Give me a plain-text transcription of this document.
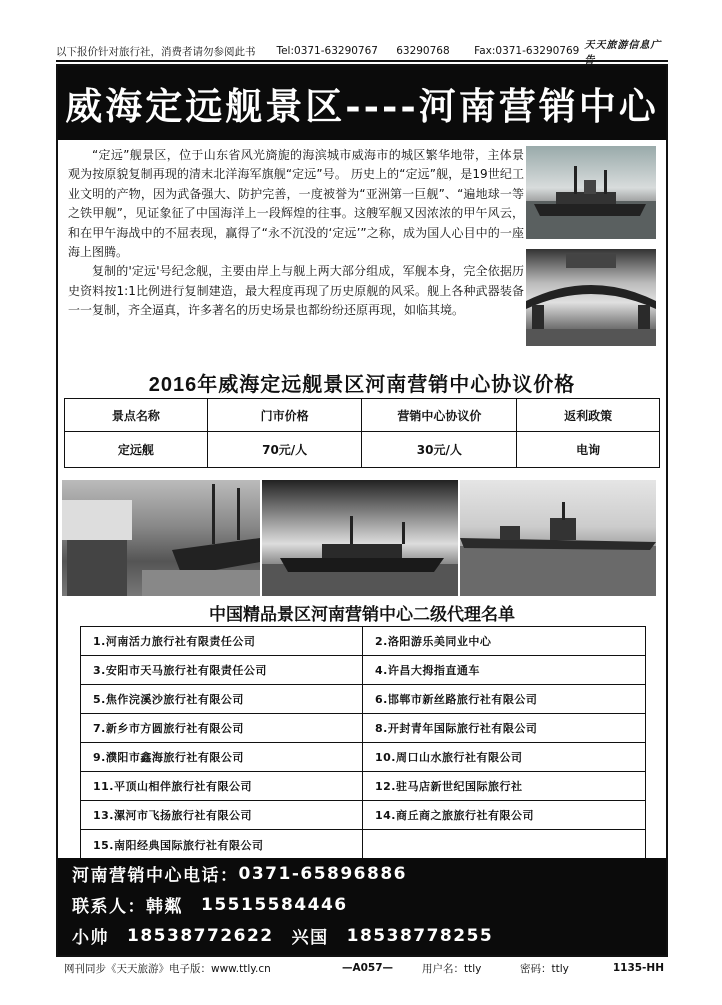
以下报价针对旅行社，消费者请勿参阅此书	Tel:0371-63290767	63290768	Fax:0371-63290769 天天旅游信息广告
威海定远舰景区----河南营销中心

“定远”舰景区，位于山东省风光旖旎的海滨城市威海市的城区繁华地带，主体景观为按原貌复制再现的清末北洋海军旗舰“定远”号。 历史上的“定远”舰，是19世纪工业文明的产物，因为武备强大、防护完善，一度被誉为“亚洲第一巨舰”、“遍地球一等之铁甲舰”，见证象征了中国海洋上一段辉煌的往事。这艘军舰又因浓浓的甲午风云，和在甲午海战中的不屈表现，赢得了“永不沉没的‘定远’”之称，成为国人心目中的一座海上图腾。

复制的'定远'号纪念舰，主要由岸上与舰上两大部分组成，军舰本身，完全依据历史资料按1:1比例进行复制建造，最大程度再现了历史原舰的风采。舰上各种武器装备一一复制，齐全逼真，许多著名的历史场景也都纷纷还原再现，如临其境。

2016年威海定远舰景区河南营销中心协议价格
景点名称	门市价格	营销中心协议价	返利政策
定远舰	70元/人	30元/人	电询
中国精品景区河南营销中心二级代理名单
1.河南活力旅行社有限责任公司	2.洛阳游乐美同业中心
3.安阳市天马旅行社有限责任公司	4.许昌大拇指直通车
5.焦作浣溪沙旅行社有限公司	6.邯郸市新丝路旅行社有限公司
7.新乡市方圆旅行社有限公司	8.开封青年国际旅行社有限公司
9.濮阳市鑫海旅行社有限公司	10.周口山水旅行社有限公司
11.平顶山相伴旅行社有限公司	12.驻马店新世纪国际旅行社
13.漯河市飞扬旅行社有限公司	14.商丘商之旅旅行社有限公司
15.南阳经典国际旅行社有限公司
河南营销中心电话： 0371-65896886
联系人： 韩粼 15515584446
小帅 18538772622 兴国 18538778255
网刊同步《天天旅游》电子版：www.ttly.cn	—A057—	用户名：ttly	密码：ttly	1135-HH
